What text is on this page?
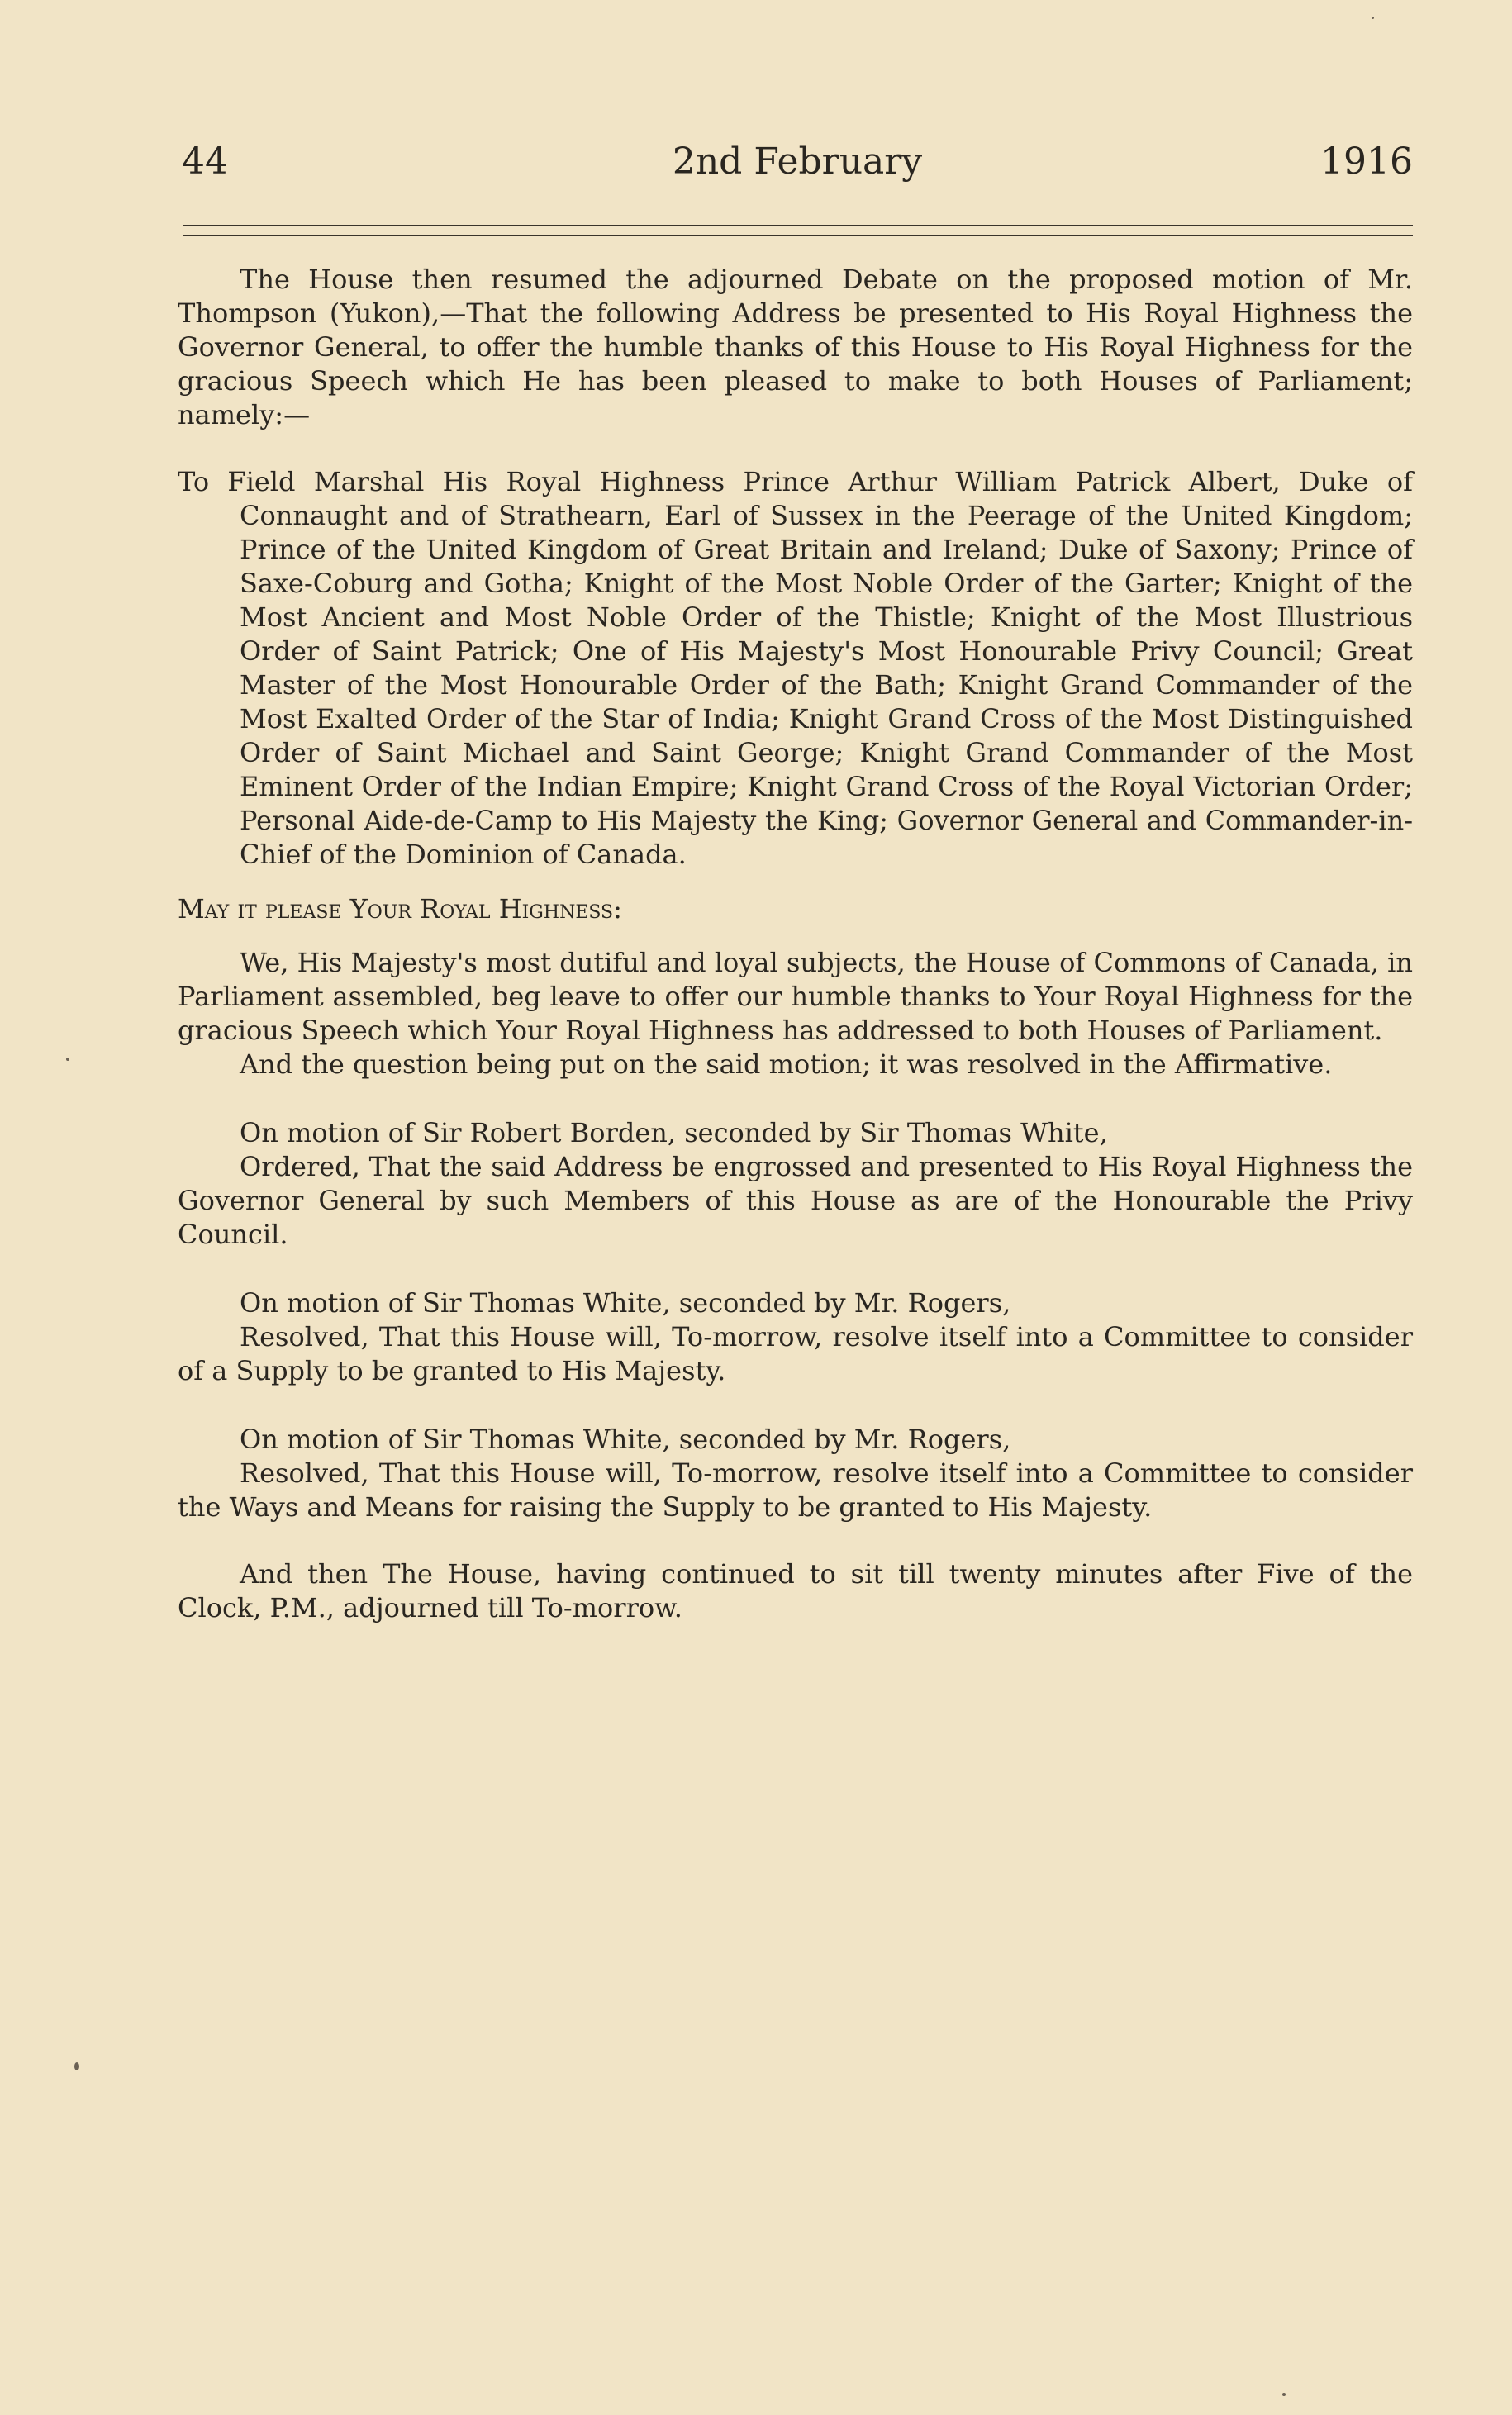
44	2nd February	1916

The House then resumed the adjourned Debate on the proposed motion of Mr. Thompson (Yukon),—That the following Address be presented to His Royal Highness the Governor General, to offer the humble thanks of this House to His Royal Highness for the gracious Speech which He has been pleased to make to both Houses of Parliament; namely:—

To Field Marshal His Royal Highness Prince Arthur William Patrick Albert, Duke of Connaught and of Strathearn, Earl of Sussex in the Peerage of the United Kingdom; Prince of the United Kingdom of Great Britain and Ireland; Duke of Saxony; Prince of Saxe-Coburg and Gotha; Knight of the Most Noble Order of the Garter; Knight of the Most Ancient and Most Noble Order of the Thistle; Knight of the Most Illustrious Order of Saint Patrick; One of His Majesty's Most Honourable Privy Council; Great Master of the Most Honourable Order of the Bath; Knight Grand Commander of the Most Exalted Order of the Star of India; Knight Grand Cross of the Most Distinguished Order of Saint Michael and Saint George; Knight Grand Commander of the Most Eminent Order of the Indian Empire; Knight Grand Cross of the Royal Victorian Order; Personal Aide-de-Camp to His Majesty the King; Governor General and Commander-in-Chief of the Dominion of Canada.

May it please Your Royal Highness:

We, His Majesty's most dutiful and loyal subjects, the House of Commons of Canada, in Parliament assembled, beg leave to offer our humble thanks to Your Royal Highness for the gracious Speech which Your Royal Highness has addressed to both Houses of Parliament.

And the question being put on the said motion; it was resolved in the Affirmative.

On motion of Sir Robert Borden, seconded by Sir Thomas White,

Ordered, That the said Address be engrossed and presented to His Royal Highness the Governor General by such Members of this House as are of the Honourable the Privy Council.

On motion of Sir Thomas White, seconded by Mr. Rogers,

Resolved, That this House will, To-morrow, resolve itself into a Committee to consider of a Supply to be granted to His Majesty.

On motion of Sir Thomas White, seconded by Mr. Rogers,

Resolved, That this House will, To-morrow, resolve itself into a Committee to consider the Ways and Means for raising the Supply to be granted to His Majesty.

And then The House, having continued to sit till twenty minutes after Five of the Clock, P.M., adjourned till To-morrow.
